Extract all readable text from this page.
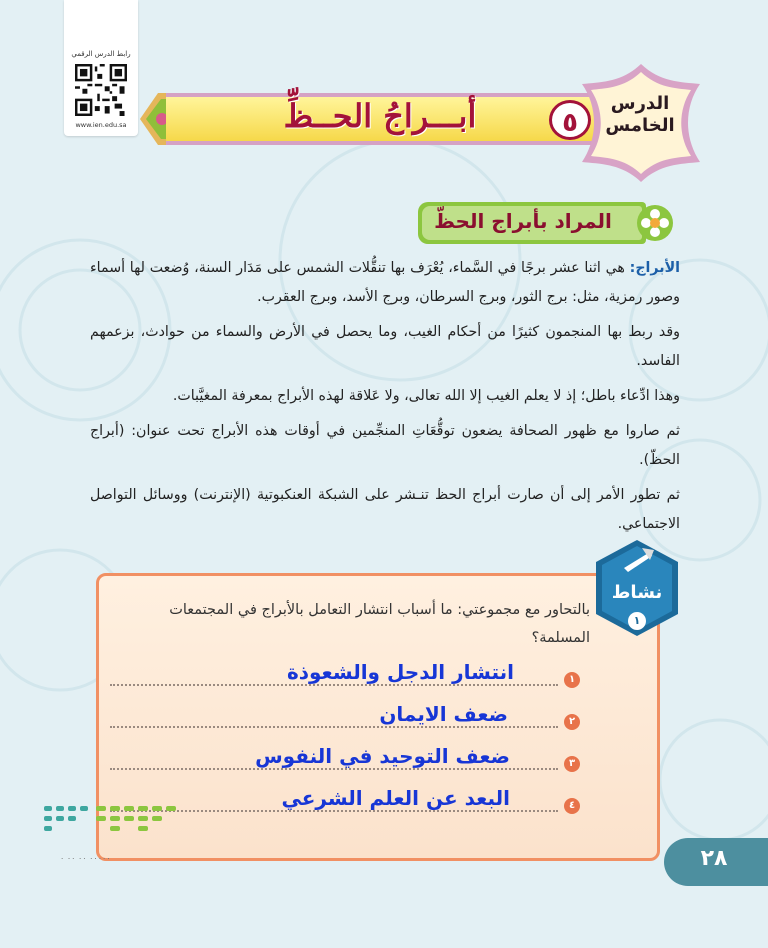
رابط الدرس الرقمي
www.ien.edu.sa	أبـــراجُ الحــظِّ	٥
الدرس
الخامس
المراد بأبراج الحظّ

الأبراج: هي اثنا عشر برجًا في السَّماء، يُعْرَف بها تنقُّلات الشمس على مَدَار السنة، وُضعت لها أسماء وصور رمزية، مثل: برج الثور، وبرج السرطان، وبرج الأسد، وبرج العقرب.

وقد ربط بها المنجمون كثيرًا من أحكام الغيب، وما يحصل في الأرض والسماء من حوادث، بزعمهم الفاسد.

وهذا ادِّعاء باطل؛ إذ لا يعلم الغيب إلا الله تعالى، ولا عَلاقة لهذه الأبراج بمعرفة المغيَّبات.

ثم صاروا مع ظهور الصحافة يضعون توقُّعَاتِ المنجِّمين في أوقات هذه الأبراج تحت عنوان: (أبراج الحظّ).

ثم تطور الأمر إلى أن صارت أبراج الحظ تنـشر على الشبكة العنكبوتية (الإنترنت) ووسائل التواصل الاجتماعي.

نشاط
١
بالتحاور مع مجموعتي: ما أسباب انتشار التعامل بالأبراج في المجتمعات المسلمة؟
١
انتشار الدجل والشعوذة
٢
ضعف الايمان
٣
ضعف التوحيد في النفوس
٤
البعد عن العلم الشرعي
٠٠٠٠٠ ٠٠ ٠٠ ٠	٢٨
